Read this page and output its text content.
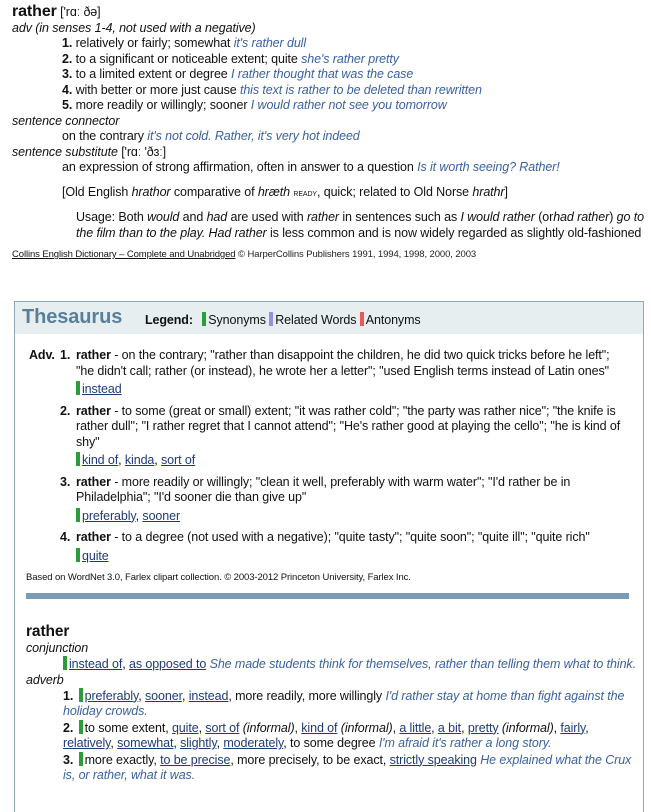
rather ['rɑː ðə]
adv (in senses 1-4, not used with a negative)
1. relatively or fairly; somewhat it's rather dull
2. to a significant or noticeable extent; quite she's rather pretty
3. to a limited extent or degree I rather thought that was the case
4. with better or more just cause this text is rather to be deleted than rewritten
5. more readily or willingly; sooner I would rather not see you tomorrow
sentence connector
on the contrary it's not cold. Rather, it's very hot indeed
sentence substitute ['rɑː 'ðɜː]
an expression of strong affirmation, often in answer to a question Is it worth seeing? Rather!
[Old English hrathor comparative of hræth ready, quick; related to Old Norse hrathr]
Usage: Both would and had are used with rather in sentences such as I would rather (orhad rather) go to the film than to the play. Had rather is less common and is now widely regarded as slightly old-fashioned
Collins English Dictionary – Complete and Unabridged © HarperCollins Publishers 1991, 1994, 1998, 2000, 2003
Thesaurus Legend: Synonyms Related Words Antonyms
Adv. 1. rather - on the contrary; "rather than disappoint the children, he did two quick tricks before he left"; "he didn't call; rather (or instead), he wrote her a letter"; "used English terms instead of Latin ones"
instead
2. rather - to some (great or small) extent; "it was rather cold"; "the party was rather nice"; "the knife is rather dull"; "I rather regret that I cannot attend"; "He's rather good at playing the cello"; "he is kind of shy"
kind of, kinda, sort of
3. rather - more readily or willingly; "clean it well, preferably with warm water"; "I'd rather be in Philadelphia"; "I'd sooner die than give up"
preferably, sooner
4. rather - to a degree (not used with a negative); "quite tasty"; "quite soon"; "quite ill"; "quite rich"
quite
Based on WordNet 3.0, Farlex clipart collection. © 2003-2012 Princeton University, Farlex Inc.
rather
conjunction
instead of, as opposed to She made students think for themselves, rather than telling them what to think.
adverb
1. preferably, sooner, instead, more readily, more willingly I'd rather stay at home than fight against the holiday crowds.
2. to some extent, quite, sort of (informal), kind of (informal), a little, a bit, pretty (informal), fairly, relatively, somewhat, slightly, moderately, to some degree I'm afraid it's rather a long story.
3. more exactly, to be precise, more precisely, to be exact, strictly speaking He explained what the Crux is, or rather, what it was.
